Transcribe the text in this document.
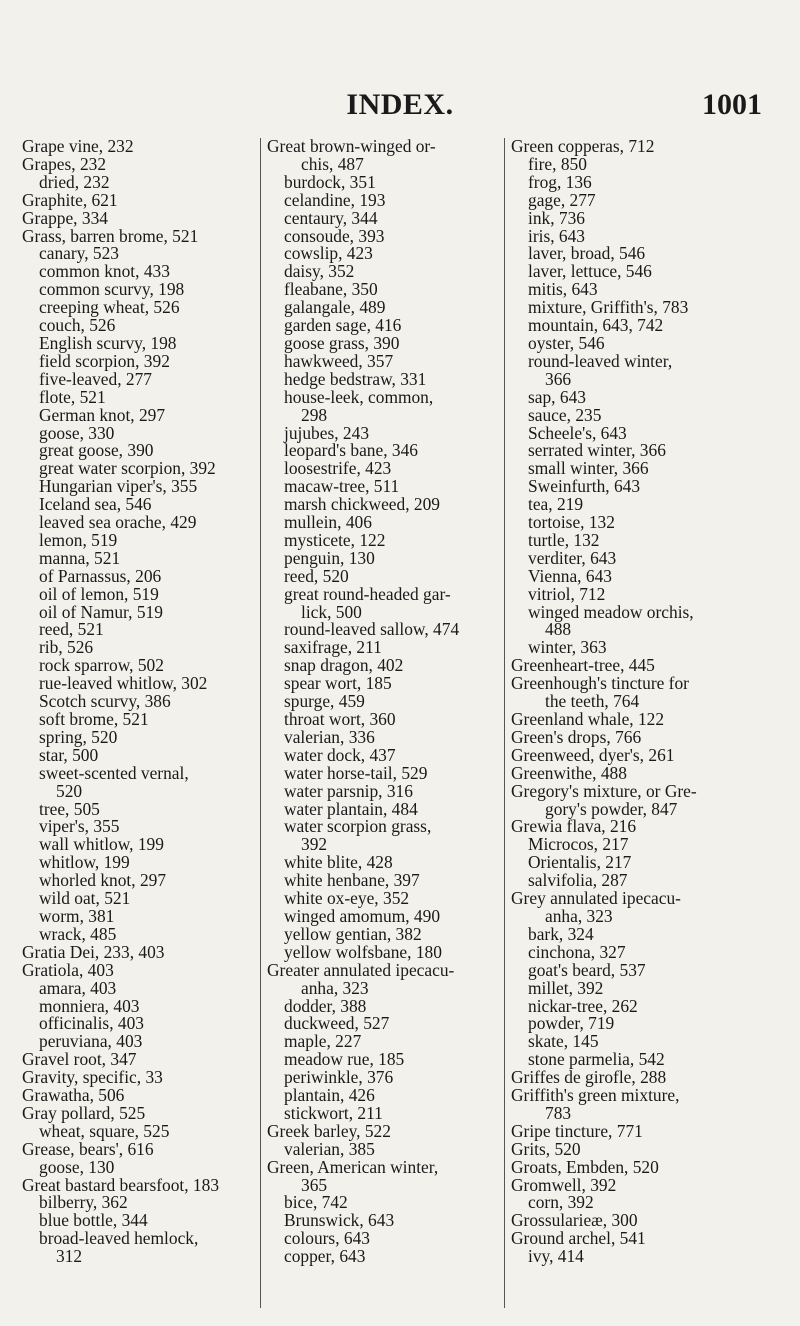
INDEX.	1001
Grape vine, 232
Grapes, 232
dried, 232
Graphite, 621
Grappe, 334
Grass, barren brome, 521
canary, 523
common knot, 433
common scurvy, 198
creeping wheat, 526
couch, 526
English scurvy, 198
field scorpion, 392
five-leaved, 277
flote, 521
German knot, 297
goose, 330
great goose, 390
great water scorpion, 392
Hungarian viper's, 355
Iceland sea, 546
leaved sea orache, 429
lemon, 519
manna, 521
of Parnassus, 206
oil of lemon, 519
oil of Namur, 519
reed, 521
rib, 526
rock sparrow, 502
rue-leaved whitlow, 302
Scotch scurvy, 386
soft brome, 521
spring, 520
star, 500
sweet-scented vernal,
520
tree, 505
viper's, 355
wall whitlow, 199
whitlow, 199
whorled knot, 297
wild oat, 521
worm, 381
wrack, 485
Gratia Dei, 233, 403
Gratiola, 403
amara, 403
monniera, 403
officinalis, 403
peruviana, 403
Gravel root, 347
Gravity, specific, 33
Grawatha, 506
Gray pollard, 525
wheat, square, 525
Grease, bears', 616
goose, 130
Great bastard bearsfoot, 183
bilberry, 362
blue bottle, 344
broad-leaved hemlock,
312
Great brown-winged or-
chis, 487
burdock, 351
celandine, 193
centaury, 344
consoude, 393
cowslip, 423
daisy, 352
fleabane, 350
galangale, 489
garden sage, 416
goose grass, 390
hawkweed, 357
hedge bedstraw, 331
house-leek, common,
298
jujubes, 243
leopard's bane, 346
loosestrife, 423
macaw-tree, 511
marsh chickweed, 209
mullein, 406
mysticete, 122
penguin, 130
reed, 520
great round-headed gar-
lick, 500
round-leaved sallow, 474
saxifrage, 211
snap dragon, 402
spear wort, 185
spurge, 459
throat wort, 360
valerian, 336
water dock, 437
water horse-tail, 529
water parsnip, 316
water plantain, 484
water scorpion grass,
392
white blite, 428
white henbane, 397
white ox-eye, 352
winged amomum, 490
yellow gentian, 382
yellow wolfsbane, 180
Greater annulated ipecacu-
anha, 323
dodder, 388
duckweed, 527
maple, 227
meadow rue, 185
periwinkle, 376
plantain, 426
stickwort, 211
Greek barley, 522
valerian, 385
Green, American winter,
365
bice, 742
Brunswick, 643
colours, 643
copper, 643
Green copperas, 712
fire, 850
frog, 136
gage, 277
ink, 736
iris, 643
laver, broad, 546
laver, lettuce, 546
mitis, 643
mixture, Griffith's, 783
mountain, 643, 742
oyster, 546
round-leaved winter,
366
sap, 643
sauce, 235
Scheele's, 643
serrated winter, 366
small winter, 366
Sweinfurth, 643
tea, 219
tortoise, 132
turtle, 132
verditer, 643
Vienna, 643
vitriol, 712
winged meadow orchis,
488
winter, 363
Greenheart-tree, 445
Greenhough's tincture for
the teeth, 764
Greenland whale, 122
Green's drops, 766
Greenweed, dyer's, 261
Greenwithe, 488
Gregory's mixture, or Gre-
gory's powder, 847
Grewia flava, 216
Microcos, 217
Orientalis, 217
salvifolia, 287
Grey annulated ipecacu-
anha, 323
bark, 324
cinchona, 327
goat's beard, 537
millet, 392
nickar-tree, 262
powder, 719
skate, 145
stone parmelia, 542
Griffes de girofle, 288
Griffith's green mixture,
783
Gripe tincture, 771
Grits, 520
Groats, Embden, 520
Gromwell, 392
corn, 392
Grossularieæ, 300
Ground archel, 541
ivy, 414
